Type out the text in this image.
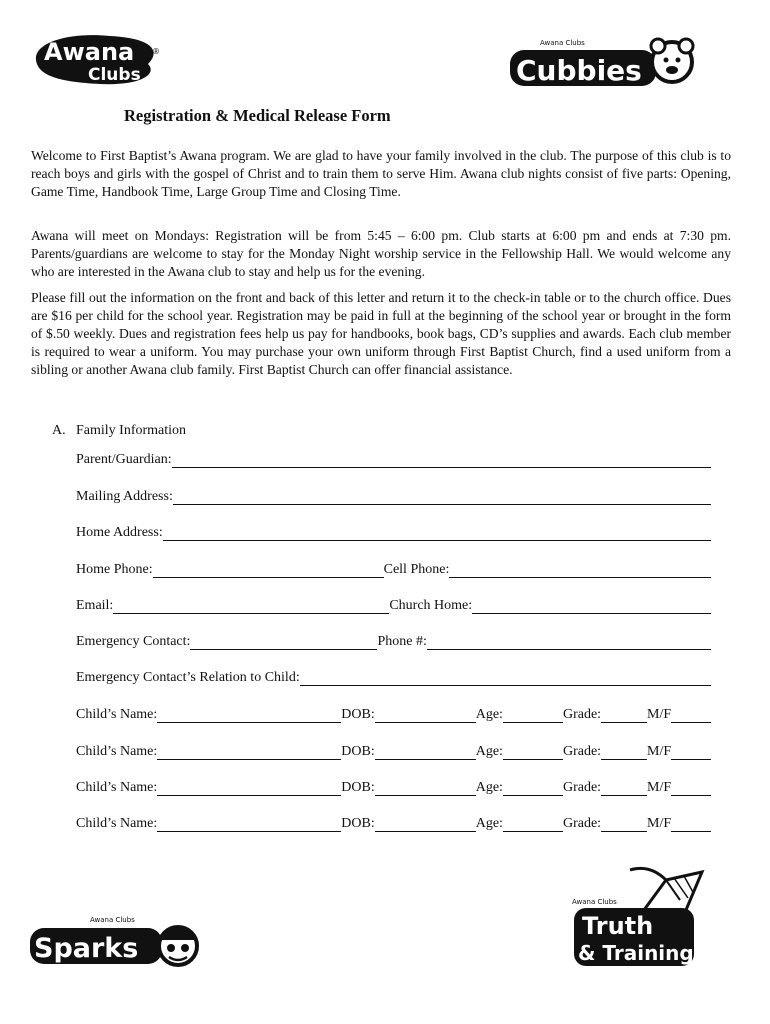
Awana
Clubs
®
Awana Clubs
Cubbies
Awana Clubs
Sparks
Awana Clubs
Truth
& Training
Registration & Medical Release Form

Welcome to First Baptist’s Awana program. We are glad to have your family involved in the club. The purpose of this club is to reach boys and girls with the gospel of Christ and to train them to serve Him. Awana club nights consist of five parts: Opening, Game Time, Handbook Time, Large Group Time and Closing Time.

Awana will meet on Mondays: Registration will be from 5:45 – 6:00 pm. Club starts at 6:00 pm and ends at 7:30 pm. Parents/guardians are welcome to stay for the Monday Night worship service in the Fellowship Hall. We would welcome any who are interested in the Awana club to stay and help us for the evening.

Please fill out the information on the front and back of this letter and return it to the check-in table or to the church office. Dues are $16 per child for the school year. Registration may be paid in full at the beginning of the school year or brought in the form of $.50 weekly. Dues and registration fees help us pay for handbooks, book bags, CD’s supplies and awards. Each club member is required to wear a uniform. You may purchase your own uniform through First Baptist Church, find a used uniform from a sibling or another Awana club family. First Baptist Church can offer financial assistance.

A. Family Information
Parent/Guardian:
Mailing Address:
Home Address:
Home Phone:	Cell Phone:
Email:	Church Home:
Emergency Contact:	Phone #:
Emergency Contact’s Relation to Child:
Child’s Name:	DOB:	Age:	Grade:	M/F
Child’s Name:	DOB:	Age:	Grade:	M/F
Child’s Name:	DOB:	Age:	Grade:	M/F
Child’s Name:	DOB:	Age:	Grade:	M/F
